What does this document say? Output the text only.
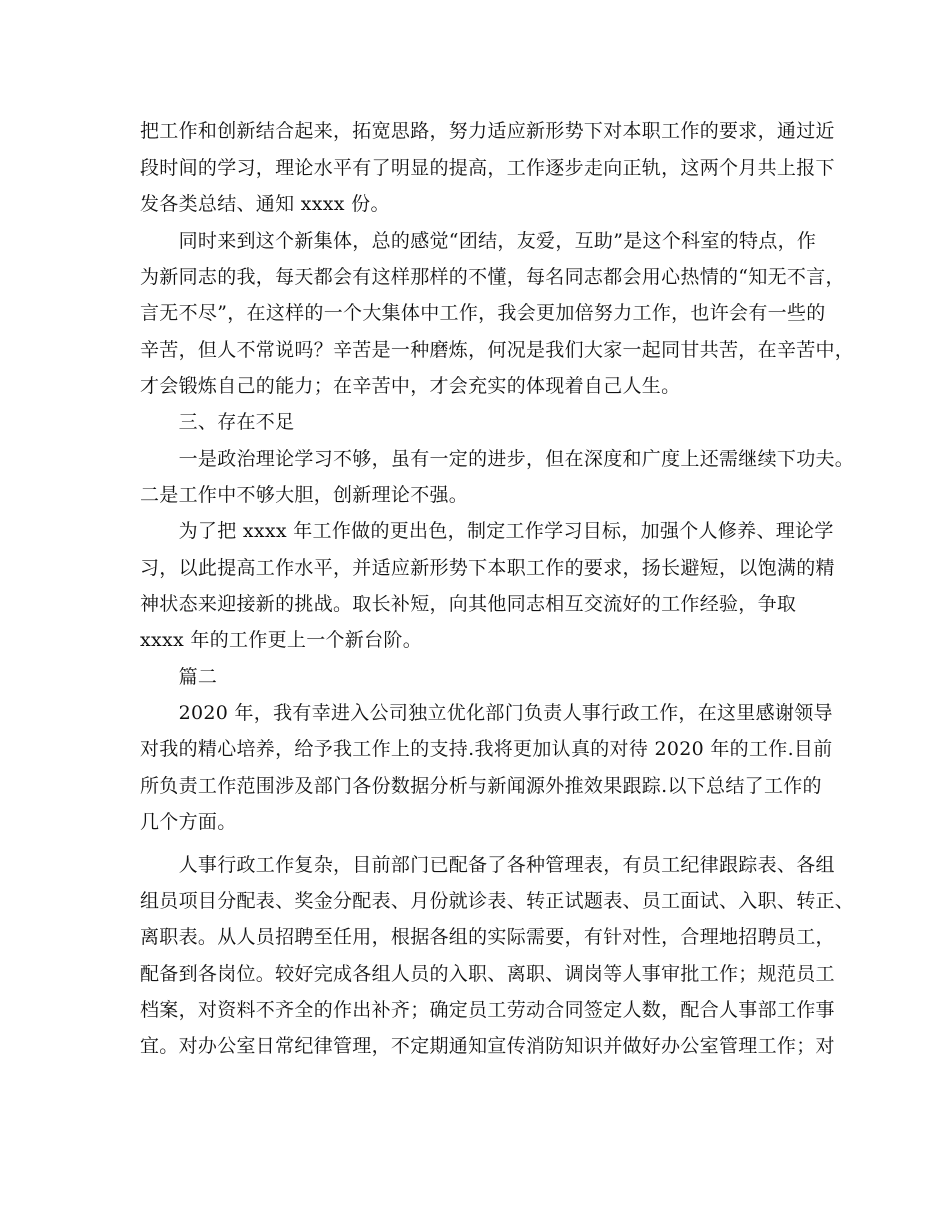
把工作和创新结合起来，拓宽思路，努力适应新形势下对本职工作的要求，通过近
段时间的学习，理论水平有了明显的提高，工作逐步走向正轨，这两个月共上报下
发各类总结、通知 xxxx 份。
　　同时来到这个新集体，总的感觉“团结，友爱，互助”是这个科室的特点，作
为新同志的我，每天都会有这样那样的不懂，每名同志都会用心热情的“知无不言，
言无不尽”，在这样的一个大集体中工作，我会更加倍努力工作，也许会有一些的
辛苦，但人不常说吗？辛苦是一种磨炼，何况是我们大家一起同甘共苦，在辛苦中，
才会锻炼自己的能力；在辛苦中，才会充实的体现着自己人生。
　　三、存在不足
　　一是政治理论学习不够，虽有一定的进步，但在深度和广度上还需继续下功夫。
二是工作中不够大胆，创新理论不强。
　　为了把 xxxx 年工作做的更出色，制定工作学习目标，加强个人修养、理论学
习，以此提高工作水平，并适应新形势下本职工作的要求，扬长避短，以饱满的精
神状态来迎接新的挑战。取长补短，向其他同志相互交流好的工作经验，争取
xxxx 年的工作更上一个新台阶。
　　篇二
　　2020 年，我有幸进入公司独立优化部门负责人事行政工作，在这里感谢领导
对我的精心培养，给予我工作上的支持.我将更加认真的对待 2020 年的工作.目前
所负责工作范围涉及部门各份数据分析与新闻源外推效果跟踪.以下总结了工作的
几个方面。
　　人事行政工作复杂，目前部门已配备了各种管理表，有员工纪律跟踪表、各组
组员项目分配表、奖金分配表、月份就诊表、转正试题表、员工面试、入职、转正、
离职表。从人员招聘至任用，根据各组的实际需要，有针对性，合理地招聘员工，
配备到各岗位。较好完成各组人员的入职、离职、调岗等人事审批工作；规范员工
档案，对资料不齐全的作出补齐；确定员工劳动合同签定人数，配合人事部工作事
宜。对办公室日常纪律管理，不定期通知宣传消防知识并做好办公室管理工作；对
